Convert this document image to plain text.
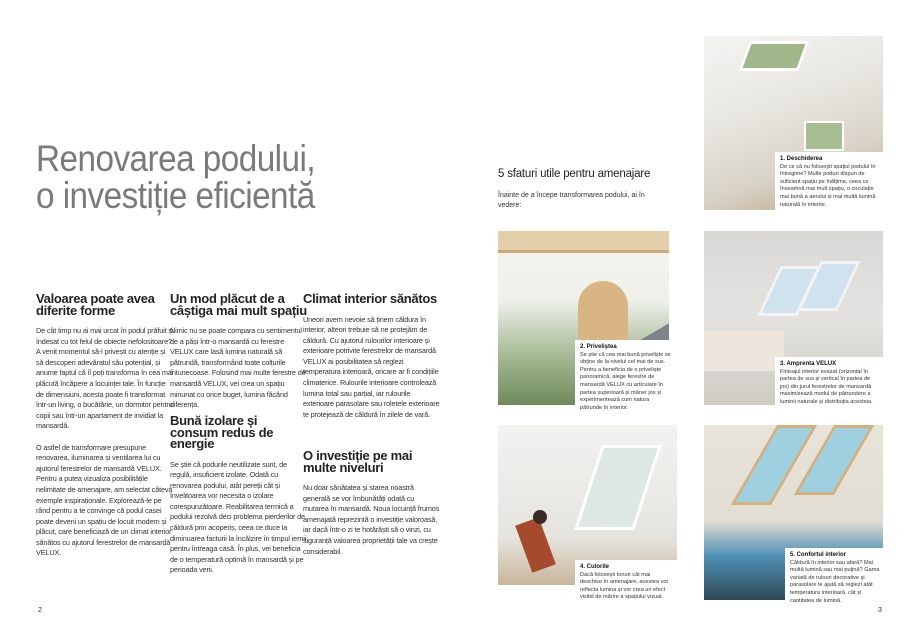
Renovarea podului,
o investiție eficientă
Valoarea poate avea diferite forme

De cât timp nu ai mai urcat în podul prăfuit și îndesat cu tot felul de obiecte nefolositoare? A venit momentul să-l privești cu atenție și să descoperi adevăratul său potențial, și anume faptul că îl poți transforma în cea mai plăcută încăpere a locuinței tale. În funcție de dimensiuni, acesta poate fi transformat într-un living, o bucătărie, un dormitor pentru copii sau într-un apartament de invidiat la mansardă.

O astfel de transformare presupune renovarea, iluminarea și ventilarea lui cu ajutorul ferestrelor de mansardă VELUX. Pentru a putea vizualiza posibilitățile nelimitate de amenajare, am selectat câteva exemple inspiraționale. Explorează-le pe rând pentru a te convinge că podul casei poate deveni un spațiu de locuit modern și plăcut, care beneficiază de un climat interior sănătos cu ajutorul ferestrelor de mansardă VELUX.

Un mod plăcut de a câștiga mai mult spațiu

Nimic nu se poate compara cu sentimentul de a păși într-o mansardă cu ferestre VELUX care lasă lumina naturală să pătrundă, transformând toate colțurile întunecoase. Folosind mai multe ferestre de mansardă VELUX, vei crea un spațiu minunat cu orice buget, lumina făcând diferența.

Bună izolare și consum redus de energie

Se știe că podurile neutilizate sunt, de regulă, insuficient izolate. Odată cu renovarea podului, atât pereții cât și învelitoarea vor necesita o izolare corespunzătoare. Reabilitarea termică a podului rezolvă deci problema pierderilor de căldură prin acoperiș, ceea ce duce la diminuarea facturii la încălzire în timpul iernii pentru întreaga casă. În plus, vei beneficia de o temperatură optimă în mansardă și pe perioada verii.

Climat interior sănătos

Uneori avem nevoie să ținem căldura în interior, alteori trebuie să ne protejăm de căldură. Cu ajutorul rulourilor interioare și exterioare potrivite ferestrelor de mansardă VELUX ai posibilitatea să reglezi temperatura interioară, oricare ar fi condițiile climaterice. Rulourile interioare controlează lumina total sau parțial, iar rulourile exterioare parasolare sau roletele exterioare te protejează de căldură în zilele de vară.

O investiție pe mai multe niveluri

Nu doar sănătatea și starea noastră generală se vor îmbunătăți odată cu mutarea în mansardă. Noua locuință frumos amenajată reprezintă o investiție valoroasă, iar dacă într-o zi te hotărăști să o vinzi, cu siguranță valoarea proprietății tale va crește considerabil.

2
5 sfaturi utile pentru amenajare
Înainte de a începe transformarea podului, ai în vedere:
1. Deschiderea
De ce să nu folosești spațiul podului în întregime? Multe poduri dispun de suficient spațiu pe înălțime, ceea ce înseamnă mai mult spațiu, o circulație mai bună a aerului și mai multă lumină naturală în interior.
2. Priveliștea
Se știe că cea mai bună priveliște se obține de la nivelul cel mai de sus. Pentru a beneficia de o priveliște panoramică, alege ferestre de mansardă VELUX cu articulare în partea superioară și mâner jos și experimentează cum natura pătrunde în interior.
3. Amprenta VELUX
Finisajul interior evazat (orizontal în partea de sus și vertical în partea de jos) din jurul ferestrelor de mansardă maximizează modul de pătrundere a luminii naturale și distribuția acesteia.
4. Culorile
Dacă folosești tonuri cât mai deschise în amenajare, acestea vor reflecta lumina și vor crea un efect vizibil de mărire a spațiului vizual.
5. Confortul interior
Căldură în interior sau afară? Mai multă lumină sau mai puțină? Gama variată de rulouri decorative și parasolare te ajută să reglezi atât temperatura interioară, cât și cantitatea de lumină.
3
